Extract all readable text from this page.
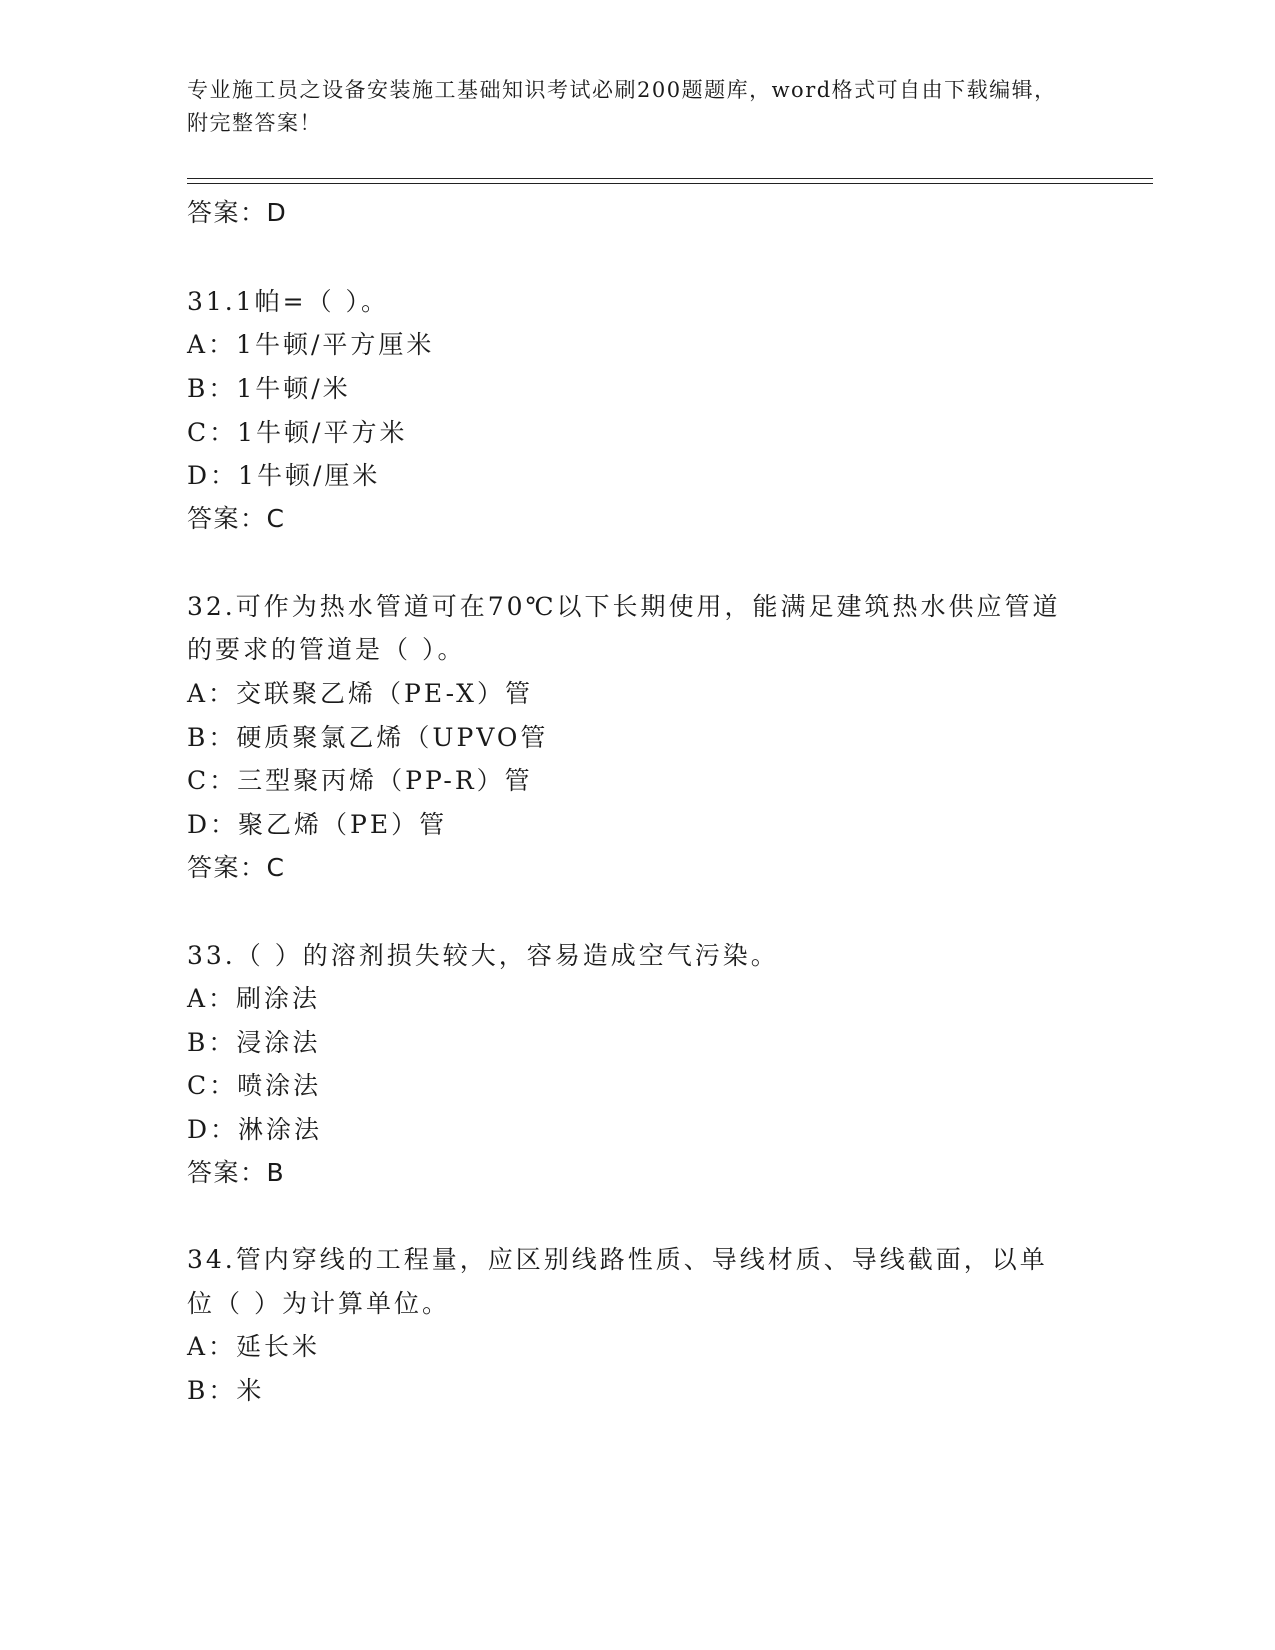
专业施工员之设备安装施工基础知识考试必刷200题题库，word格式可自由下载编辑，附完整答案！
答案：D
31.1帕=（ ）。
A：1牛顿/平方厘米
B：1牛顿/米
C：1牛顿/平方米
D：1牛顿/厘米
答案：C
32.可作为热水管道可在70℃以下长期使用，能满足建筑热水供应管道
的要求的管道是（ ）。
A：交联聚乙烯（PE-X）管
B：硬质聚氯乙烯（UPVO管
C：三型聚丙烯（PP-R）管
D：聚乙烯（PE）管
答案：C
33.（ ）的溶剂损失较大，容易造成空气污染。
A：刷涂法
B：浸涂法
C：喷涂法
D：淋涂法
答案：B
34.管内穿线的工程量，应区别线路性质、导线材质、导线截面，以单
位（ ）为计算单位。
A：延长米
B：米
